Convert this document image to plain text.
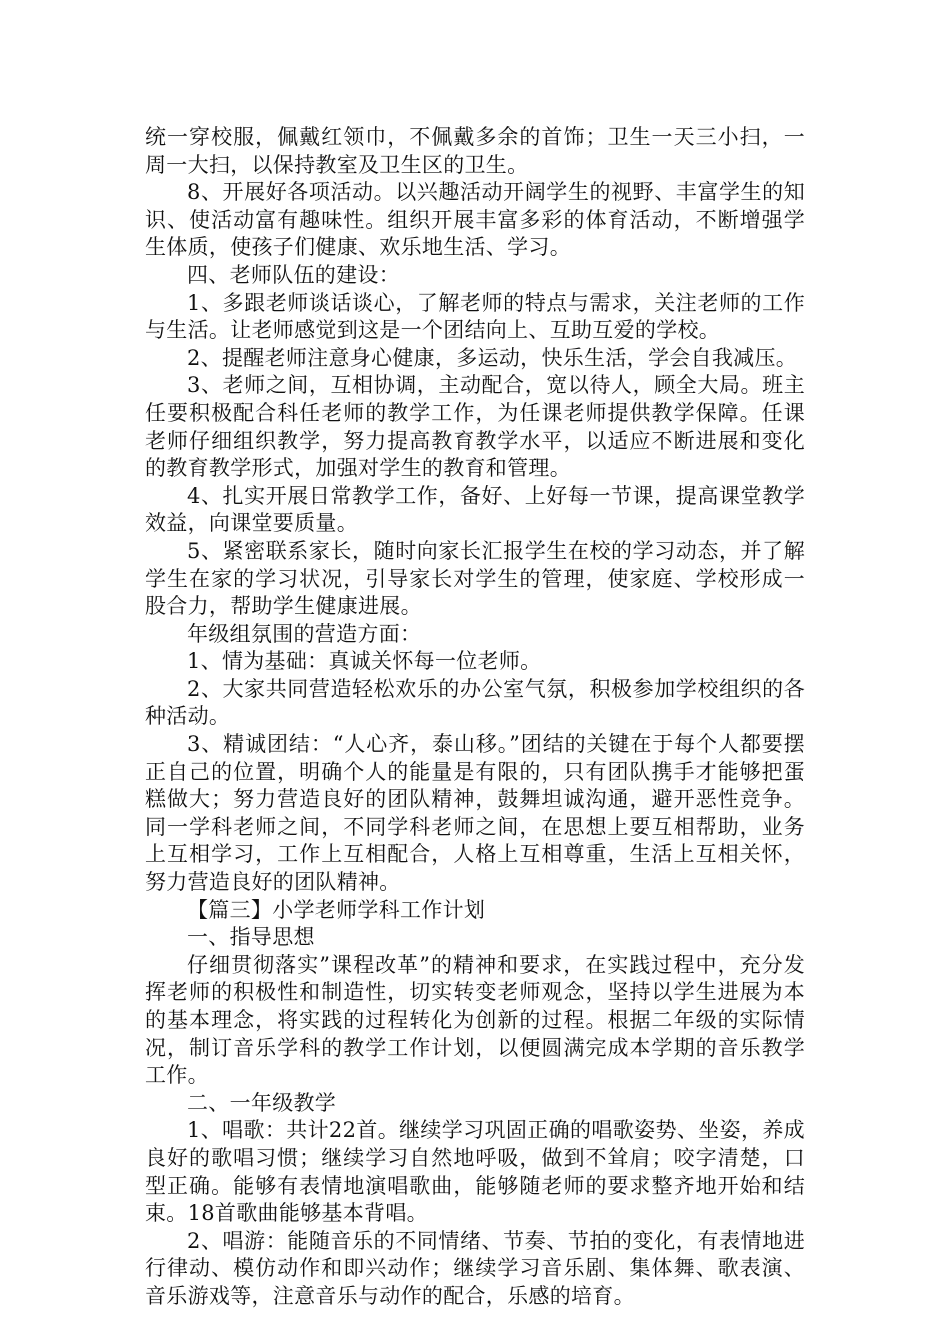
统一穿校服，佩戴红领巾，不佩戴多余的首饰；卫生一天三小扫，一周一大扫，以保持教室及卫生区的卫生。

8、开展好各项活动。以兴趣活动开阔学生的视野、丰富学生的知识、使活动富有趣味性。组织开展丰富多彩的体育活动，不断增强学生体质，使孩子们健康、欢乐地生活、学习。

四、老师队伍的建设：

1、多跟老师谈话谈心，了解老师的特点与需求，关注老师的工作与生活。让老师感觉到这是一个团结向上、互助互爱的学校。

2、提醒老师注意身心健康，多运动，快乐生活，学会自我减压。

3、老师之间，互相协调，主动配合，宽以待人，顾全大局。班主任要积极配合科任老师的教学工作，为任课老师提供教学保障。任课老师仔细组织教学，努力提高教育教学水平，以适应不断进展和变化的教育教学形式，加强对学生的教育和管理。

4、扎实开展日常教学工作，备好、上好每一节课，提高课堂教学效益，向课堂要质量。

5、紧密联系家长，随时向家长汇报学生在校的学习动态，并了解学生在家的学习状况，引导家长对学生的管理，使家庭、学校形成一股合力，帮助学生健康进展。

年级组氛围的营造方面：

1、情为基础：真诚关怀每一位老师。

2、大家共同营造轻松欢乐的办公室气氛，积极参加学校组织的各种活动。

3、精诚团结：“人心齐，泰山移。”团结的关键在于每个人都要摆正自己的位置，明确个人的能量是有限的，只有团队携手才能够把蛋糕做大；努力营造良好的团队精神，鼓舞坦诚沟通，避开恶性竞争。同一学科老师之间，不同学科老师之间，在思想上要互相帮助，业务上互相学习，工作上互相配合，人格上互相尊重，生活上互相关怀，努力营造良好的团队精神。

【篇三】小学老师学科工作计划

一、指导思想

仔细贯彻落实”课程改革”的精神和要求，在实践过程中，充分发挥老师的积极性和制造性，切实转变老师观念，坚持以学生进展为本的基本理念，将实践的过程转化为创新的过程。根据二年级的实际情况，制订音乐学科的教学工作计划，以便圆满完成本学期的音乐教学工作。

二、一年级教学

1、唱歌：共计22首。继续学习巩固正确的唱歌姿势、坐姿，养成良好的歌唱习惯；继续学习自然地呼吸，做到不耸肩；咬字清楚，口型正确。能够有表情地演唱歌曲，能够随老师的要求整齐地开始和结束。18首歌曲能够基本背唱。

2、唱游：能随音乐的不同情绪、节奏、节拍的变化，有表情地进行律动、模仿动作和即兴动作；继续学习音乐剧、集体舞、歌表演、音乐游戏等，注意音乐与动作的配合，乐感的培育。
